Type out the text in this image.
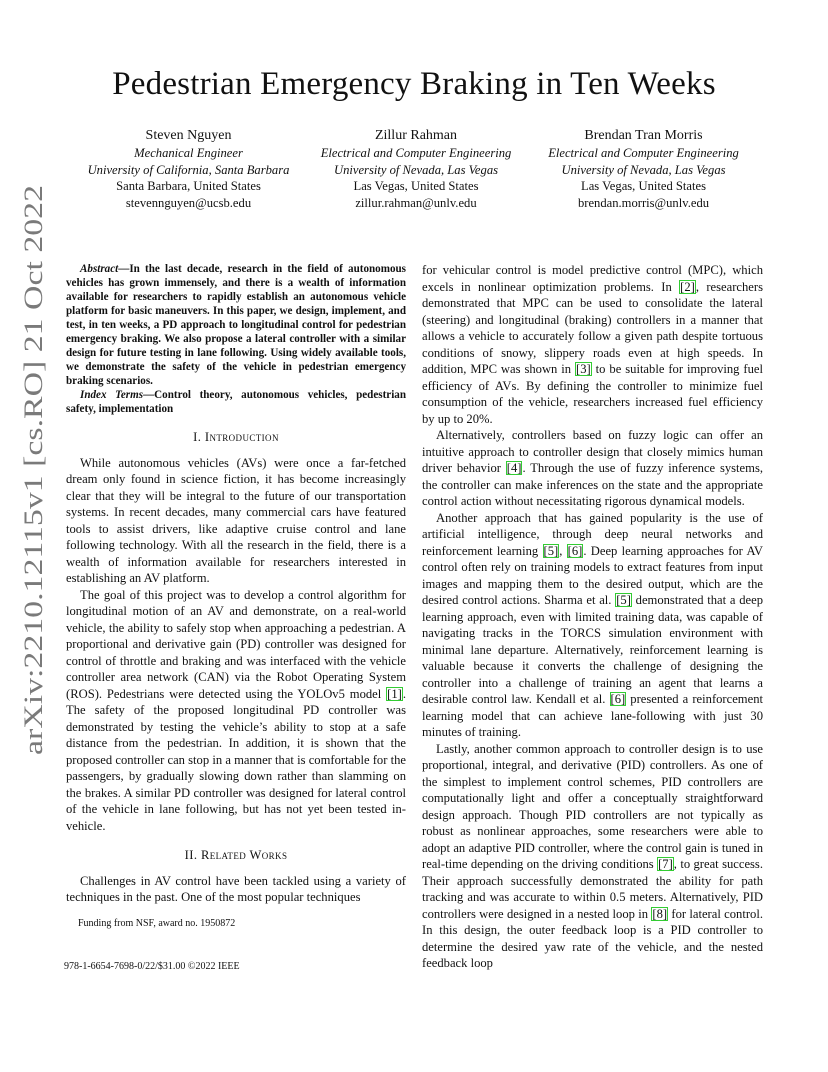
arXiv:2210.12115v1 [cs.RO] 21 Oct 2022
Pedestrian Emergency Braking in Ten Weeks
Steven Nguyen
Mechanical Engineer
University of California, Santa Barbara
Santa Barbara, United States
stevennguyen@ucsb.edu
Zillur Rahman
Electrical and Computer Engineering
University of Nevada, Las Vegas
Las Vegas, United States
zillur.rahman@unlv.edu
Brendan Tran Morris
Electrical and Computer Engineering
University of Nevada, Las Vegas
Las Vegas, United States
brendan.morris@unlv.edu

Abstract—In the last decade, research in the field of autonomous vehicles has grown immensely, and there is a wealth of information available for researchers to rapidly establish an autonomous vehicle platform for basic maneuvers. In this paper, we design, implement, and test, in ten weeks, a PD approach to longitudinal control for pedestrian emergency braking. We also propose a lateral controller with a similar design for future testing in lane following. Using widely available tools, we demonstrate the safety of the vehicle in pedestrian emergency braking scenarios.

Index Terms—Control theory, autonomous vehicles, pedestrian safety, implementation

I. Introduction

While autonomous vehicles (AVs) were once a far-fetched dream only found in science fiction, it has become increasingly clear that they will be integral to the future of our transportation systems. In recent decades, many commercial cars have featured tools to assist drivers, like adaptive cruise control and lane following technology. With all the research in the field, there is a wealth of information available for researchers interested in establishing an AV platform.

The goal of this project was to develop a control algorithm for longitudinal motion of an AV and demonstrate, on a real-world vehicle, the ability to safely stop when approaching a pedestrian. A proportional and derivative gain (PD) controller was designed for control of throttle and braking and was interfaced with the vehicle controller area network (CAN) via the Robot Operating System (ROS). Pedestrians were detected using the YOLOv5 model [1]. The safety of the proposed longitudinal PD controller was demonstrated by testing the vehicle’s ability to stop at a safe distance from the pedestrian. In addition, it is shown that the proposed controller can stop in a manner that is comfortable for the passengers, by gradually slowing down rather than slamming on the brakes. A similar PD controller was designed for lateral control of the vehicle in lane following, but has not yet been tested in-vehicle.

II. Related Works

Challenges in AV control have been tackled using a variety of techniques in the past. One of the most popular techniques

for vehicular control is model predictive control (MPC), which excels in nonlinear optimization problems. In [2], researchers demonstrated that MPC can be used to consolidate the lateral (steering) and longitudinal (braking) controllers in a manner that allows a vehicle to accurately follow a given path despite tortuous conditions of snowy, slippery roads even at high speeds. In addition, MPC was shown in [3] to be suitable for improving fuel efficiency of AVs. By defining the controller to minimize fuel consumption of the vehicle, researchers increased fuel efficiency by up to 20%.

Alternatively, controllers based on fuzzy logic can offer an intuitive approach to controller design that closely mimics human driver behavior [4]. Through the use of fuzzy inference systems, the controller can make inferences on the state and the appropriate control action without necessitating rigorous dynamical models.

Another approach that has gained popularity is the use of artificial intelligence, through deep neural networks and reinforcement learning [5], [6]. Deep learning approaches for AV control often rely on training models to extract features from input images and mapping them to the desired output, which are the desired control actions. Sharma et al. [5] demonstrated that a deep learning approach, even with limited training data, was capable of navigating tracks in the TORCS simulation environment with minimal lane departure. Alternatively, reinforcement learning is valuable because it converts the challenge of designing the controller into a challenge of training an agent that learns a desirable control law. Kendall et al. [6] presented a reinforcement learning model that can achieve lane-following with just 30 minutes of training.

Lastly, another common approach to controller design is to use proportional, integral, and derivative (PID) controllers. As one of the simplest to implement control schemes, PID controllers are computationally light and offer a conceptually straightforward design approach. Though PID controllers are not typically as robust as nonlinear approaches, some researchers were able to adopt an adaptive PID controller, where the control gain is tuned in real-time depending on the driving conditions [7], to great success. Their approach successfully demonstrated the ability for path tracking and was accurate to within 0.5 meters. Alternatively, PID controllers were designed in a nested loop in [8] for lateral control. In this design, the outer feedback loop is a PID controller to determine the desired yaw rate of the vehicle, and the nested feedback loop

Funding from NSF, award no. 1950872
978-1-6654-7698-0/22/$31.00 ©2022 IEEE
